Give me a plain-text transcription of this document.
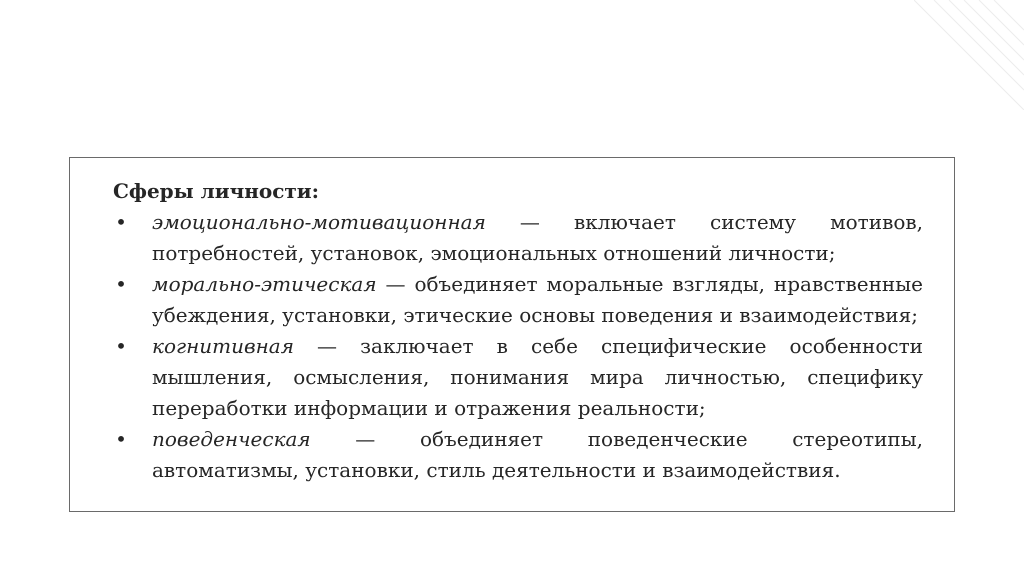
Сферы личности:

• эмоционально-мотивационная — включает систему мотивов, потребностей, установок, эмоциональных отношений личности;
• морально-этическая — объединяет моральные взгляды, нравственные убеждения, установки, этические основы поведения и взаимодействия;
• когнитивная — заключает в себе специфические особенности мышления, осмысления, понимания мира личностью, специфику переработки информации и отражения реальности;
• поведенческая — объединяет поведенческие стереотипы, автоматизмы, установки, стиль деятельности и взаимодействия.
